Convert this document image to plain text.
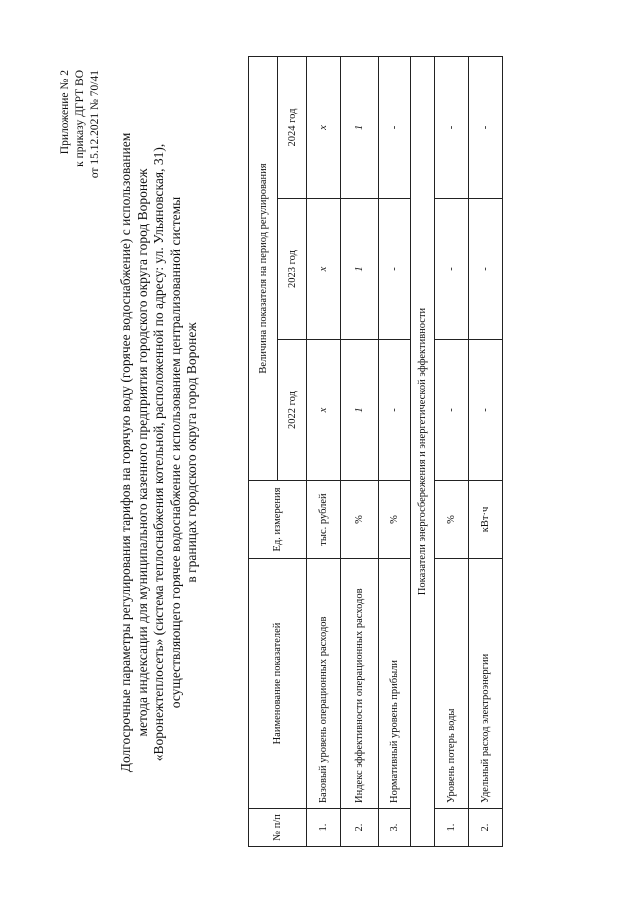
Приложение № 2 к приказу ДГРТ ВО от 15.12.2021 № 70/41
Долгосрочные параметры регулирования тарифов на горячую воду (горячее водоснабжение) с использованием метода индексации для муниципального казенного предприятия городского округа город Воронеж «Воронежтеплосеть» (система теплоснабжения котельной, расположенной по адресу: ул. Ульяновская, 31), осуществляющего горячее водоснабжение с использованием централизованной системы в границах городского округа город Воронеж
№ п/п	Наименование показателей	Ед. измерения	Величина показателя на период регулирования		
			2022 год	2023 год	2024 год
1.	Базовый уровень операционных расходов	тыс. рублей	x	x	x
2.	Индекс эффективности операционных расходов	%	1	1	1
3.	Нормативный уровень прибыли	%	-	-	-
Показатели энергосбережения и энергетической эффективности					
1.	Уровень потерь воды	%	-	-	-
2.	Удельный расход электроэнергии	кВт·ч	-	-	-
